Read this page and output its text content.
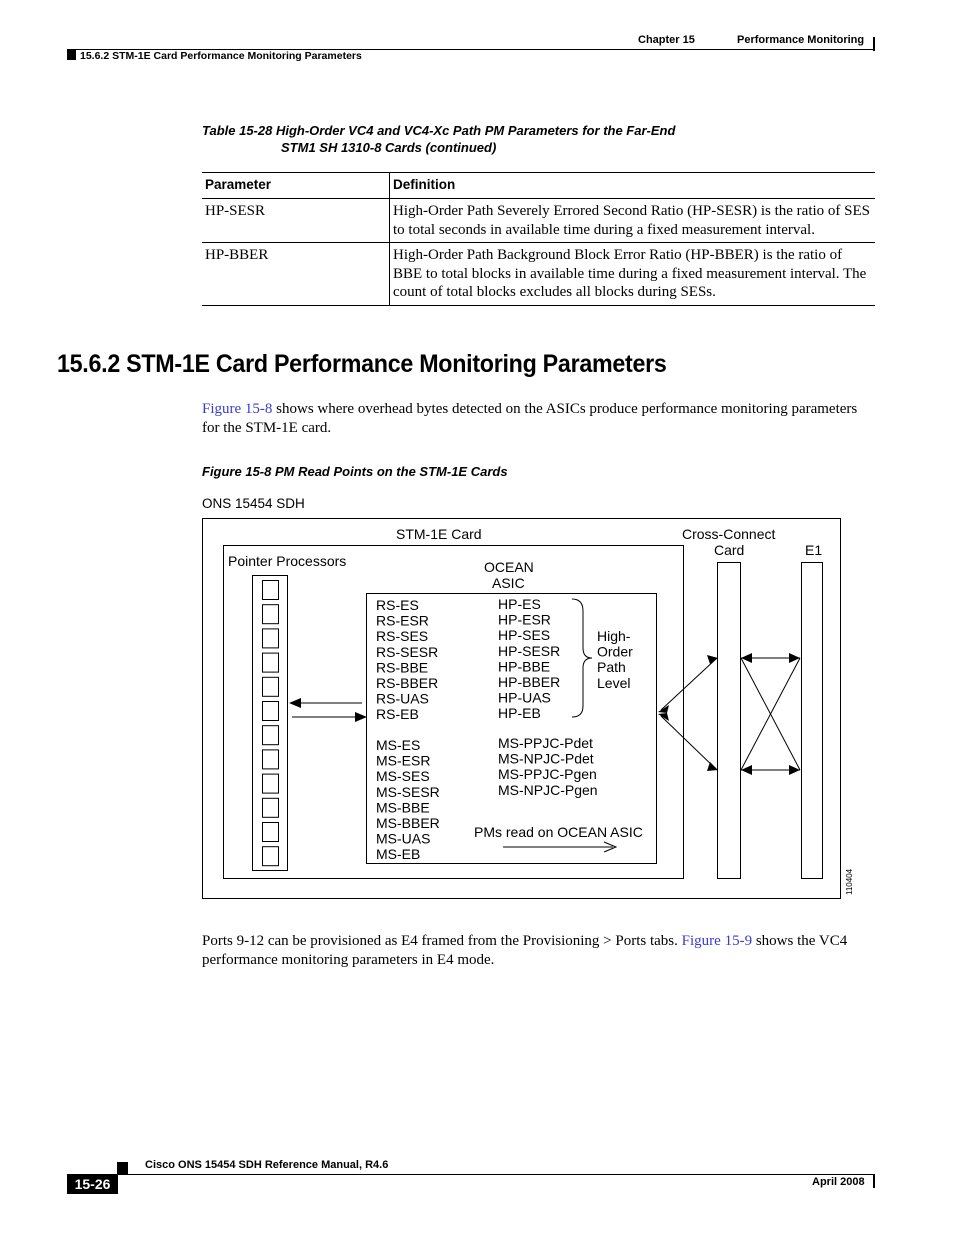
Chapter 15	Performance Monitoring
15.6.2 STM-1E Card Performance Monitoring Parameters
Table 15-28 High-Order VC4 and VC4-Xc Path PM Parameters for the Far-End
STM1 SH 1310-8 Cards (continued)
Parameter	Definition
HP-SESR	High-Order Path Severely Errored Second Ratio (HP-SESR) is the ratio of SES to total seconds in available time during a fixed measurement interval.
HP-BBER	High-Order Path Background Block Error Ratio (HP-BBER) is the ratio of BBE to total blocks in available time during a fixed measurement interval. The count of total blocks excludes all blocks during SESs.
15.6.2 STM-1E Card Performance Monitoring Parameters
Figure 15-8 shows where overhead bytes detected on the ASICs produce performance monitoring parameters for the STM-1E card.
Figure 15-8 PM Read Points on the STM-1E Cards
ONS 15454 SDH
STM-1E Card
Pointer Processors	OCEAN
ASIC
RS-ES
RS-ESR
RS-SES
RS-SESR
RS-BBE
RS-BBER
RS-UAS
RS-EB
MS-ES
MS-ESR
MS-SES
MS-SESR
MS-BBE
MS-BBER
MS-UAS
MS-EB
HP-ES
HP-ESR
HP-SES
HP-SESR
HP-BBE
HP-BBER
HP-UAS
HP-EB
MS-PPJC-Pdet
MS-NPJC-Pdet
MS-PPJC-Pgen
MS-NPJC-Pgen
High-
Order
Path
Level
PMs read on OCEAN ASIC
Cross-Connect
Card	E1
110404
Ports 9-12 can be provisioned as E4 framed from the Provisioning > Ports tabs. Figure 15-9 shows the VC4 performance monitoring parameters in E4 mode.
Cisco ONS 15454 SDH Reference Manual, R4.6
15-26	April 2008
